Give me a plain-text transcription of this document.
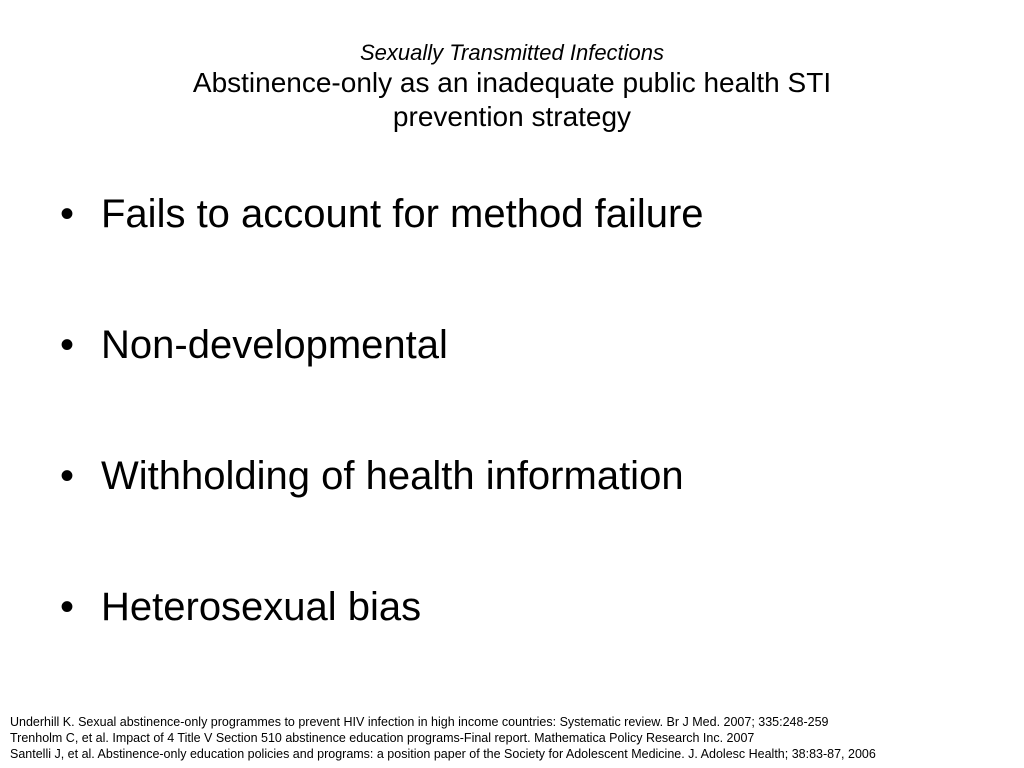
Sexually Transmitted Infections
Abstinence-only as an inadequate public health STI
prevention strategy
• Fails to account for method failure
• Non-developmental
• Withholding of health information
• Heterosexual bias
Underhill K. Sexual abstinence-only programmes to prevent HIV infection in high income countries: Systematic review. Br J Med. 2007; 335:248-259
Trenholm C, et al. Impact of 4 Title V Section 510 abstinence education programs-Final report. Mathematica Policy Research Inc. 2007
Santelli J, et al. Abstinence-only education policies and programs: a position paper of the Society for Adolescent Medicine. J. Adolesc Health; 38:83-87, 2006
